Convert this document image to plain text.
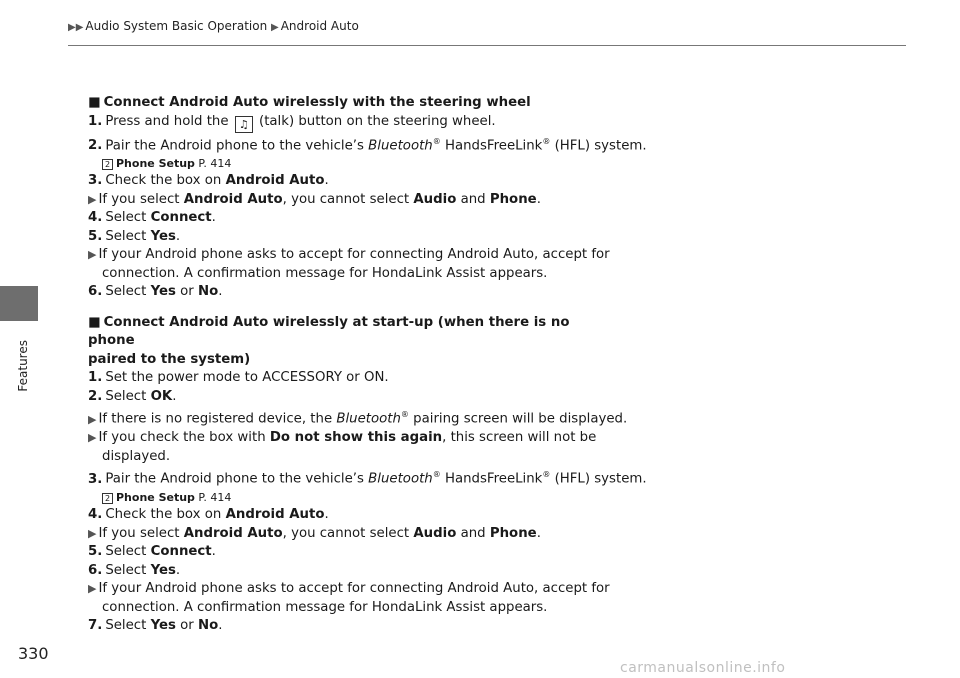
▶▶ Audio System Basic Operation ▶ Android Auto
Features
330
■ Connect Android Auto wirelessly with the steering wheel
1. Press and hold the ♫ (talk) button on the steering wheel.
2. Pair the Android phone to the vehicle’s Bluetooth® HandsFreeLink® (HFL) system.
2 Phone Setup P. 414
3. Check the box on Android Auto.
▶ If you select Android Auto, you cannot select Audio and Phone.
4. Select Connect.
5. Select Yes.
▶ If your Android phone asks to accept for connecting Android Auto, accept for
connection. A confirmation message for HondaLink Assist appears.
6. Select Yes or No.
■ Connect Android Auto wirelessly at start-up (when there is no phone
paired to the system)
1. Set the power mode to ACCESSORY or ON.
2. Select OK.
▶ If there is no registered device, the Bluetooth® pairing screen will be displayed.
▶ If you check the box with Do not show this again, this screen will not be
displayed.
3. Pair the Android phone to the vehicle’s Bluetooth® HandsFreeLink® (HFL) system.
2 Phone Setup P. 414
4. Check the box on Android Auto.
▶ If you select Android Auto, you cannot select Audio and Phone.
5. Select Connect.
6. Select Yes.
▶ If your Android phone asks to accept for connecting Android Auto, accept for
connection. A confirmation message for HondaLink Assist appears.
7. Select Yes or No.
carmanualsonline.info
